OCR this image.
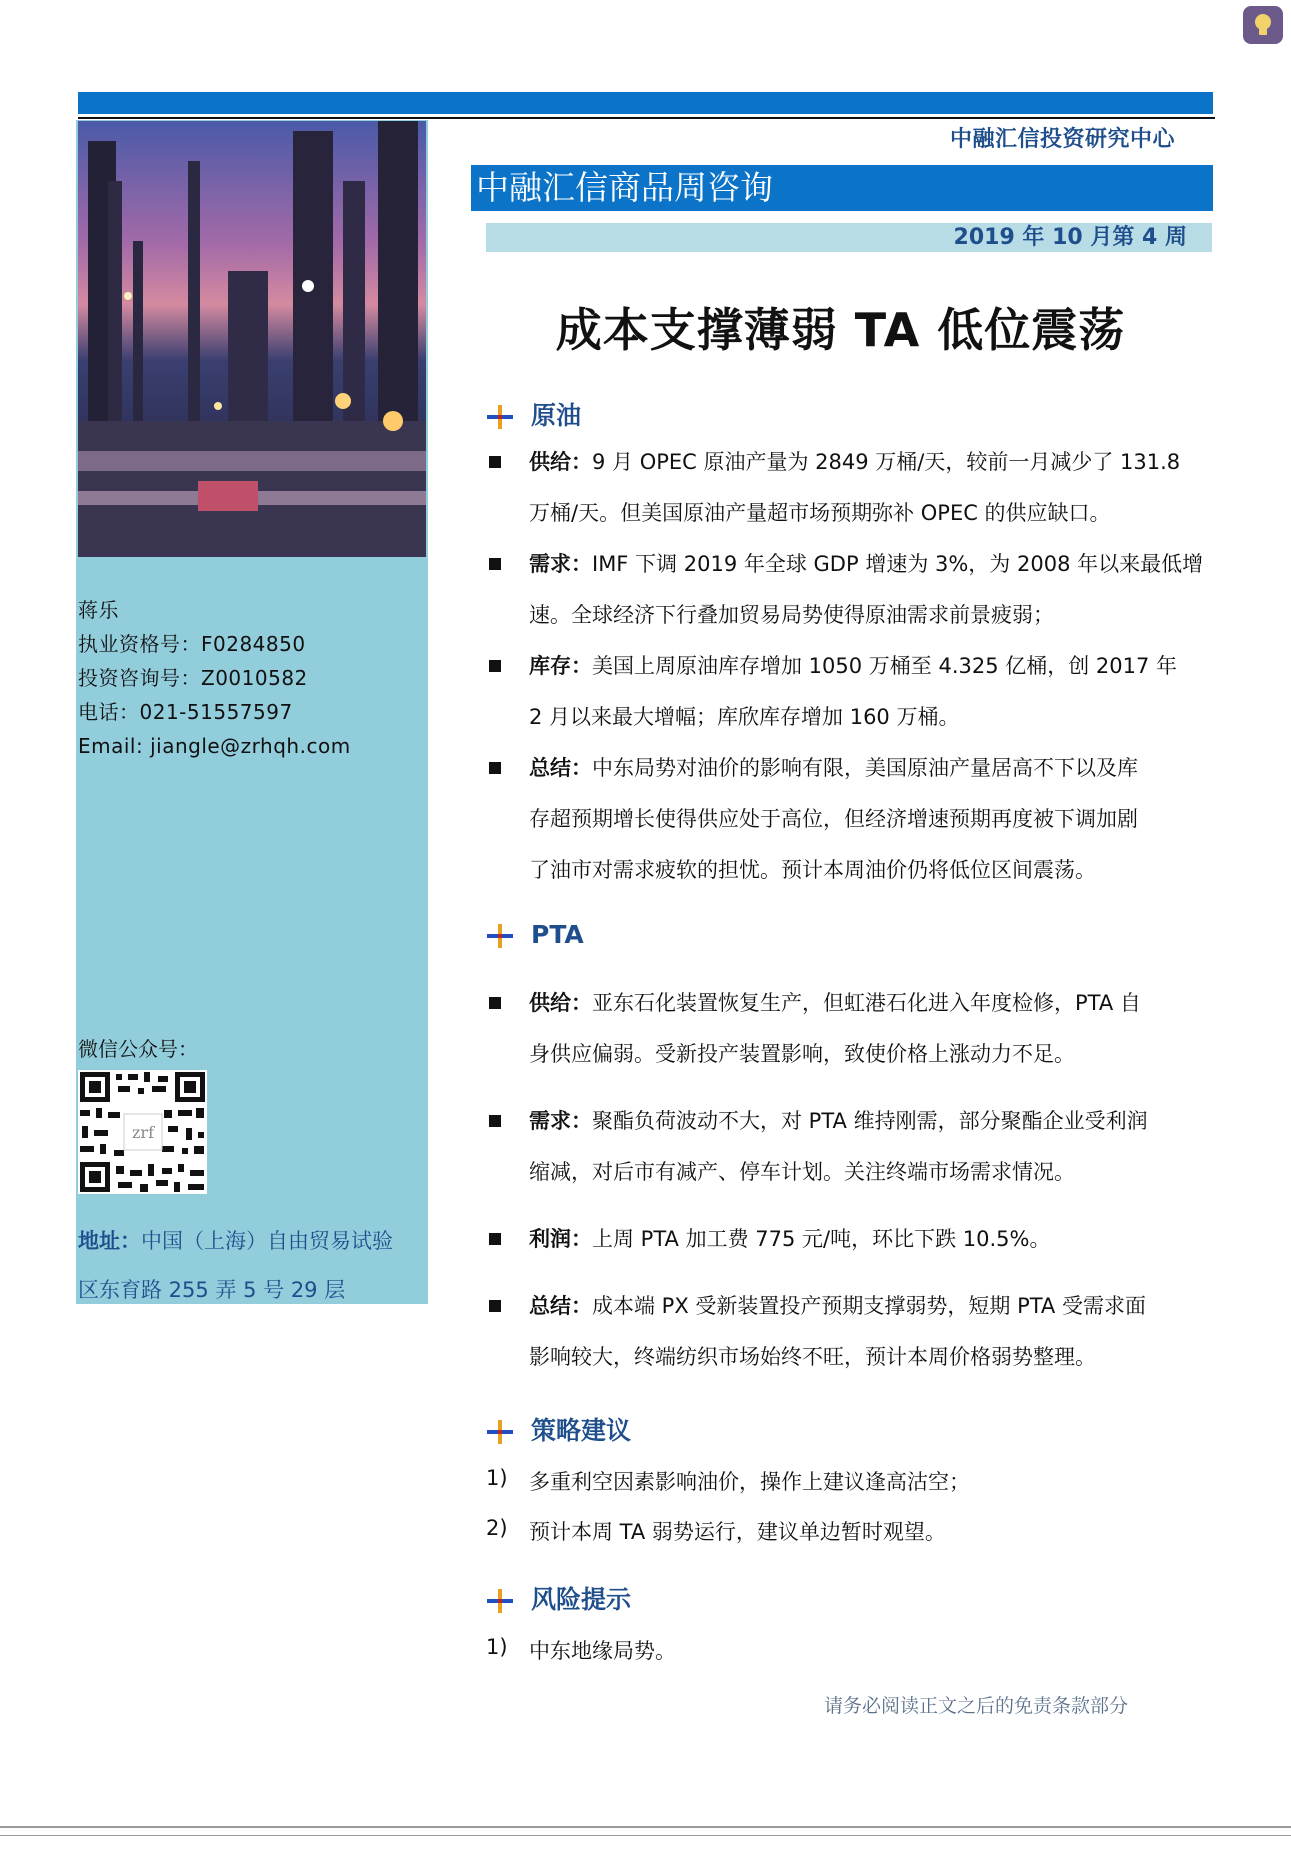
中融汇信投资研究中心
中融汇信商品周咨询
2019 年 10 月第 4 周
成本支撑薄弱 TA 低位震荡
蒋乐
执业资格号：F0284850
投资咨询号：Z0010582
电话：021-51557597
Email: jiangle@zrhqh.com
微信公众号：
zrf
地址：中国（上海）自由贸易试验
区东育路 255 弄 5 号 29 层
原油
供给：9 月 OPEC 原油产量为 2849 万桶/天，较前一月减少了 131.8
万桶/天。但美国原油产量超市场预期弥补 OPEC 的供应缺口。
需求：IMF 下调 2019 年全球 GDP 增速为 3%，为 2008 年以来最低增
速。全球经济下行叠加贸易局势使得原油需求前景疲弱；
库存：美国上周原油库存增加 1050 万桶至 4.325 亿桶，创 2017 年
2 月以来最大增幅；库欣库存增加 160 万桶。
总结：中东局势对油价的影响有限，美国原油产量居高不下以及库
存超预期增长使得供应处于高位，但经济增速预期再度被下调加剧
了油市对需求疲软的担忧。预计本周油价仍将低位区间震荡。
PTA
供给：亚东石化装置恢复生产，但虹港石化进入年度检修，PTA 自
身供应偏弱。受新投产装置影响，致使价格上涨动力不足。
需求：聚酯负荷波动不大，对 PTA 维持刚需，部分聚酯企业受利润
缩减，对后市有减产、停车计划。关注终端市场需求情况。
利润：上周 PTA 加工费 775 元/吨，环比下跌 10.5%。
总结：成本端 PX 受新装置投产预期支撑弱势，短期 PTA 受需求面
影响较大，终端纺织市场始终不旺，预计本周价格弱势整理。
策略建议
1) 多重利空因素影响油价，操作上建议逢高沽空；
2) 预计本周 TA 弱势运行，建议单边暂时观望。
风险提示
1) 中东地缘局势。
请务必阅读正文之后的免责条款部分
